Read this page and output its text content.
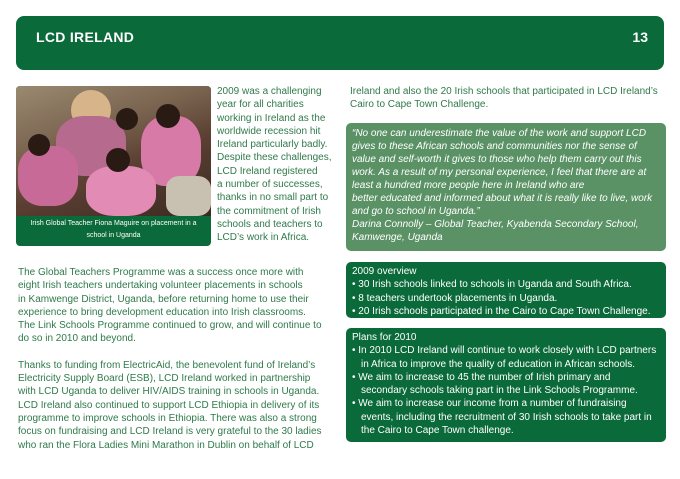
LCD IRELAND	13
Irish Global Teacher Fiona Maguire on placement in a
school in Uganda
2009 was a challenging
year for all charities
working in Ireland as the
worldwide recession hit
Ireland particularly badly.
Despite these challenges,
LCD Ireland registered
a number of successes,
thanks in no small part to
the commitment of Irish
schools and teachers to
LCD’s work in Africa.
The Global Teachers Programme was a success once more with
eight Irish teachers undertaking volunteer placements in schools
in Kamwenge District, Uganda, before returning home to use their
experience to bring development education into Irish classrooms.
The Link Schools Programme continued to grow, and will continue to
do so in 2010 and beyond.
Thanks to funding from ElectricAid, the benevolent fund of Ireland’s
Electricity Supply Board (ESB), LCD Ireland worked in partnership
with LCD Uganda to deliver HIV/AIDS training in schools in Uganda.
LCD Ireland also continued to support LCD Ethiopia in delivery of its
programme to improve schools in Ethiopia. There was also a strong
focus on fundraising and LCD Ireland is very grateful to the 30 ladies
who ran the Flora Ladies Mini Marathon in Dublin on behalf of LCD
Ireland and also the 20 Irish schools that participated in LCD Ireland’s
Cairo to Cape Town Challenge.
“No one can underestimate the value of the work and support LCD
gives to these African schools and communities nor the sense of
value and self-worth it gives to those who help them carry out this
work. As a result of my personal experience, I feel that there are at
least a hundred more people here in Ireland who are
better educated and informed about what it is really like to live, work
and go to school in Uganda.”
Darina Connolly – Global Teacher, Kyabenda Secondary School,
Kamwenge, Uganda
2009 overview
• 30 Irish schools linked to schools in Uganda and South Africa.
• 8 teachers undertook placements in Uganda.
• 20 Irish schools participated in the Cairo to Cape Town Challenge.
Plans for 2010
• In 2010 LCD Ireland will continue to work closely with LCD partners
in Africa to improve the quality of education in African schools.
• We aim to increase to 45 the number of Irish primary and
secondary schools taking part in the Link Schools Programme.
• We aim to increase our income from a number of fundraising
events, including the recruitment of 30 Irish schools to take part in
the Cairo to Cape Town challenge.
